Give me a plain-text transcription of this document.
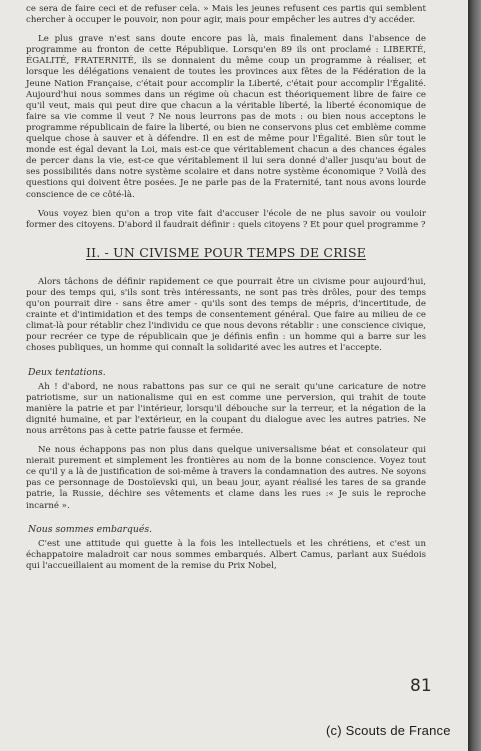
ce sera de faire ceci et de refuser cela. » Mais les jeunes refusent ces partis qui semblent chercher à occuper le pouvoir, non pour agir, mais pour empêcher les autres d'y accéder.

Le plus grave n'est sans doute encore pas là, mais finalement dans l'absence de programme au fronton de cette République. Lorsqu'en 89 ils ont proclamé : LIBERTÉ, ÉGALITÉ, FRATERNITÉ, ils se donnaient du même coup un programme à réaliser, et lorsque les délégations venaient de toutes les provinces aux fêtes de la Fédération de la Jeune Nation Française, c'était pour accomplir la Liberté, c'était pour accomplir l'Égalité. Aujourd'hui nous sommes dans un régime où chacun est théoriquement libre de faire ce qu'il veut, mais qui peut dire que chacun a la véritable liberté, la liberté économique de faire sa vie comme il veut ? Ne nous leurrons pas de mots : ou bien nous acceptons le programme républicain de faire la liberté, ou bien ne conservons plus cet emblème comme quelque chose à sauver et à défendre. Il en est de même pour l'Égalité. Bien sûr tout le monde est égal devant la Loi, mais est-ce que véritablement chacun a des chances égales de percer dans la vie, est-ce que véritablement il lui sera donné d'aller jusqu'au bout de ses possibilités dans notre système scolaire et dans notre système économique ? Voilà des questions qui doivent être posées. Je ne parle pas de la Fraternité, tant nous avons lourde conscience de ce côté-là.

Vous voyez bien qu'on a trop vite fait d'accuser l'école de ne plus savoir ou vouloir former des citoyens. D'abord il faudrait définir : quels citoyens ? Et pour quel programme ?

II. - UN CIVISME POUR TEMPS DE CRISE

Alors tâchons de définir rapidement ce que pourrait être un civisme pour aujourd'hui, pour des temps qui, s'ils sont très intéressants, ne sont pas très drôles, pour des temps qu'on pourrait dire - sans être amer - qu'ils sont des temps de mépris, d'incertitude, de crainte et d'intimidation et des temps de consentement général. Que faire au milieu de ce climat-là pour rétablir chez l'individu ce que nous devons rétablir : une conscience civique, pour recréer ce type de républicain que je définis enfin : un homme qui a barre sur les choses publiques, un homme qui connaît la solidarité avec les autres et l'accepte.

Deux tentations.

Ah ! d'abord, ne nous rabattons pas sur ce qui ne serait qu'une caricature de notre patriotisme, sur un nationalisme qui en est comme une perversion, qui trahit de toute manière la patrie et par l'intérieur, lorsqu'il débouche sur la terreur, et la négation de la dignité humaine, et par l'extérieur, en la coupant du dialogue avec les autres patries. Ne nous arrêtons pas à cette patrie fausse et fermée.

Ne nous échappons pas non plus dans quelque universalisme béat et consolateur qui nierait purement et simplement les frontières au nom de la bonne conscience. Voyez tout ce qu'il y a là de justification de soi-même à travers la condamnation des autres. Ne soyons pas ce personnage de Dostoïevski qui, un beau jour, ayant réalisé les tares de sa grande patrie, la Russie, déchire ses vêtements et clame dans les rues :« Je suis le reproche incarné ».

Nous sommes embarqués.

C'est une attitude qui guette à la fois les intellectuels et les chrétiens, et c'est un échappatoire maladroit car nous sommes embarqués. Albert Camus, parlant aux Suédois qui l'accueillaient au moment de la remise du Prix Nobel,

81
(c) Scouts de France
